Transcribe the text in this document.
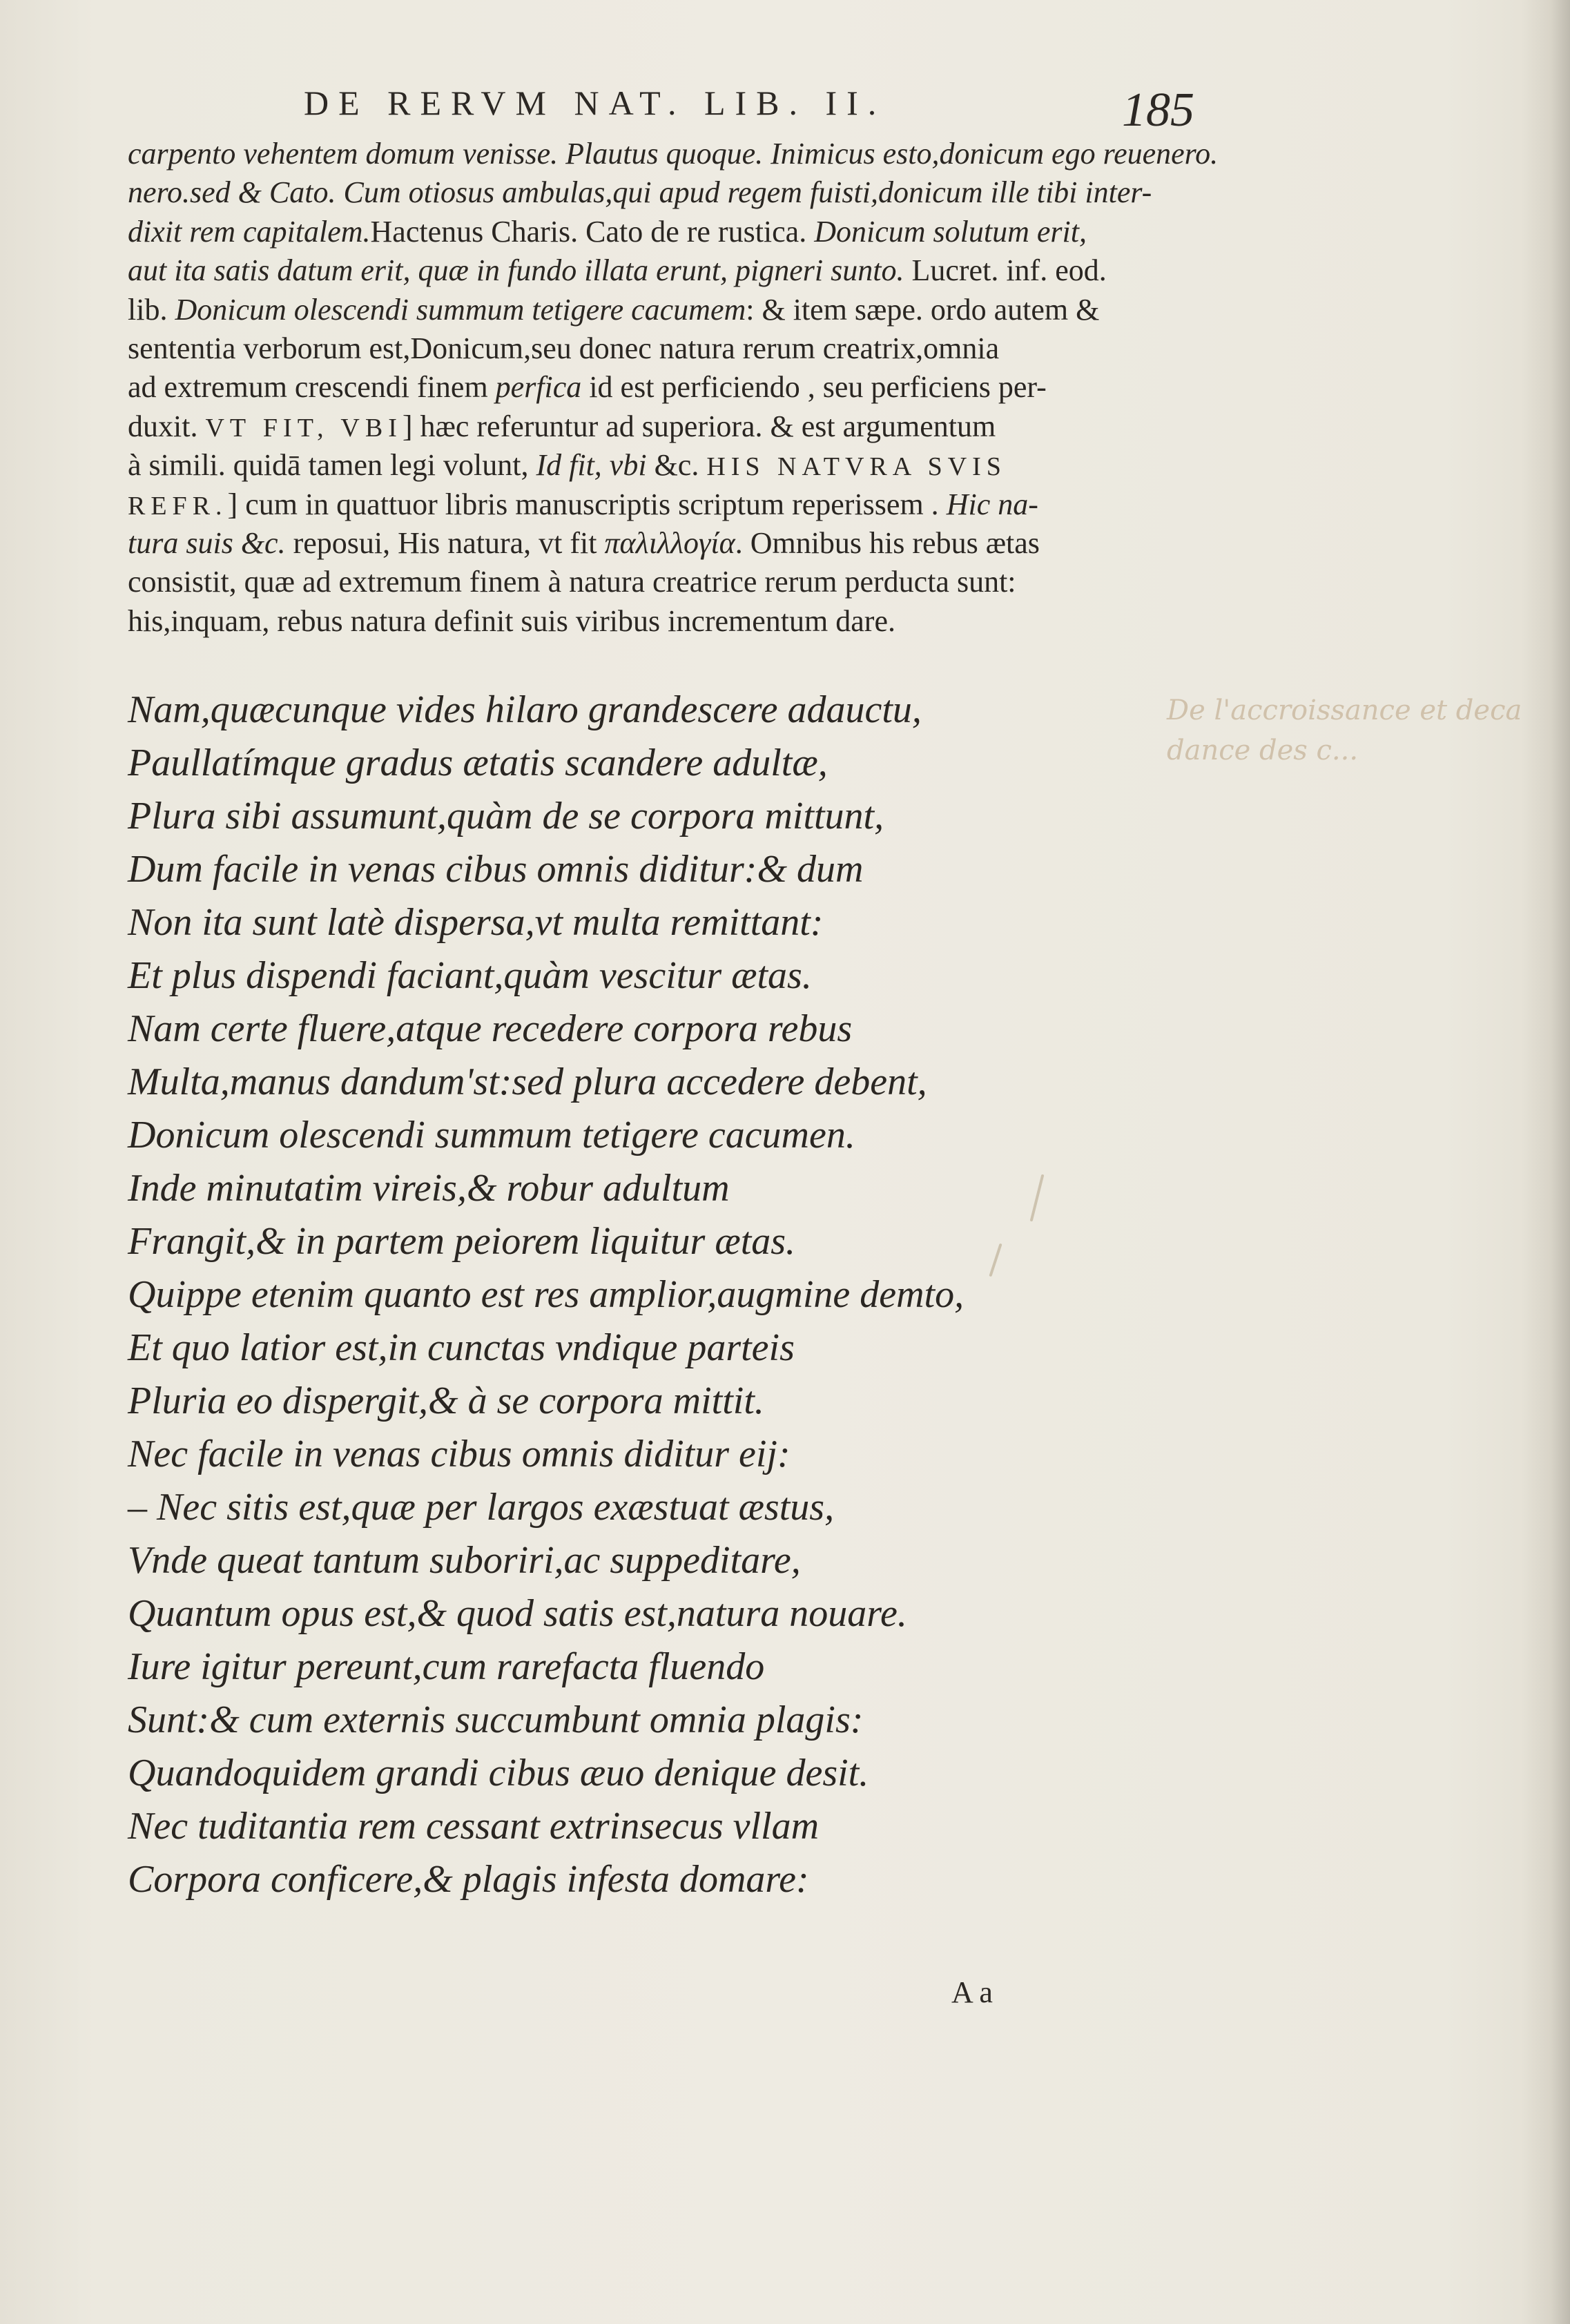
DE RERVM NAT. LIB. II.	185
carpento vehentem domum venisse. Plautus quoque. Inimicus esto,donicum ego reuenero.
nero.sed & Cato. Cum otiosus ambulas,qui apud regem fuisti,donicum ille tibi inter-
dixit rem capitalem.Hactenus Charis. Cato de re rustica. Donicum solutum erit,
aut ita satis datum erit, quæ in fundo illata erunt, pigneri sunto. Lucret. inf. eod.
lib. Donicum olescendi summum tetigere cacumem: & item sæpe. ordo autem &
sententia verborum est,Donicum,seu donec natura rerum creatrix,omnia
ad extremum crescendi finem perfica id est perficiendo , seu perficiens per-
duxit. VT FIT, VBI] hæc referuntur ad superiora. & est argumentum
à simili. quidā tamen legi volunt, Id fit, vbi &c. HIS NATVRA SVIS
REFR.] cum in quattuor libris manuscriptis scriptum reperissem . Hic na-
tura suis &c. reposui, His natura, vt fit παλιλλογία. Omnibus his rebus ætas
consistit, quæ ad extremum finem à natura creatrice rerum perducta sunt:
his,inquam, rebus natura definit suis viribus incrementum dare.
Nam,quæcunque vides hilaro grandescere adauctu,
Paullatímque gradus ætatis scandere adultæ,
Plura sibi assumunt,quàm de se corpora mittunt,
Dum facile in venas cibus omnis diditur:& dum
Non ita sunt latè dispersa,vt multa remittant:
Et plus dispendi faciant,quàm vescitur ætas.
Nam certe fluere,atque recedere corpora rebus
Multa,manus dandum'st:sed plura accedere debent,
Donicum olescendi summum tetigere cacumen.
Inde minutatim vireis,& robur adultum
Frangit,& in partem peiorem liquitur ætas.
Quippe etenim quanto est res amplior,augmine demto,
Et quo latior est,in cunctas vndique parteis
Pluria eo dispergit,& à se corpora mittit.
Nec facile in venas cibus omnis diditur eij:
– Nec sitis est,quæ per largos exæstuat æstus,
Vnde queat tantum suboriri,ac suppeditare,
Quantum opus est,& quod satis est,natura nouare.
Iure igitur pereunt,cum rarefacta fluendo
Sunt:& cum externis succumbunt omnia plagis:
Quandoquidem grandi cibus æuo denique desit.
Nec tuditantia rem cessant extrinsecus vllam
Corpora conficere,& plagis infesta domare:
De l'accroissance et deca
dance des c...
A a
